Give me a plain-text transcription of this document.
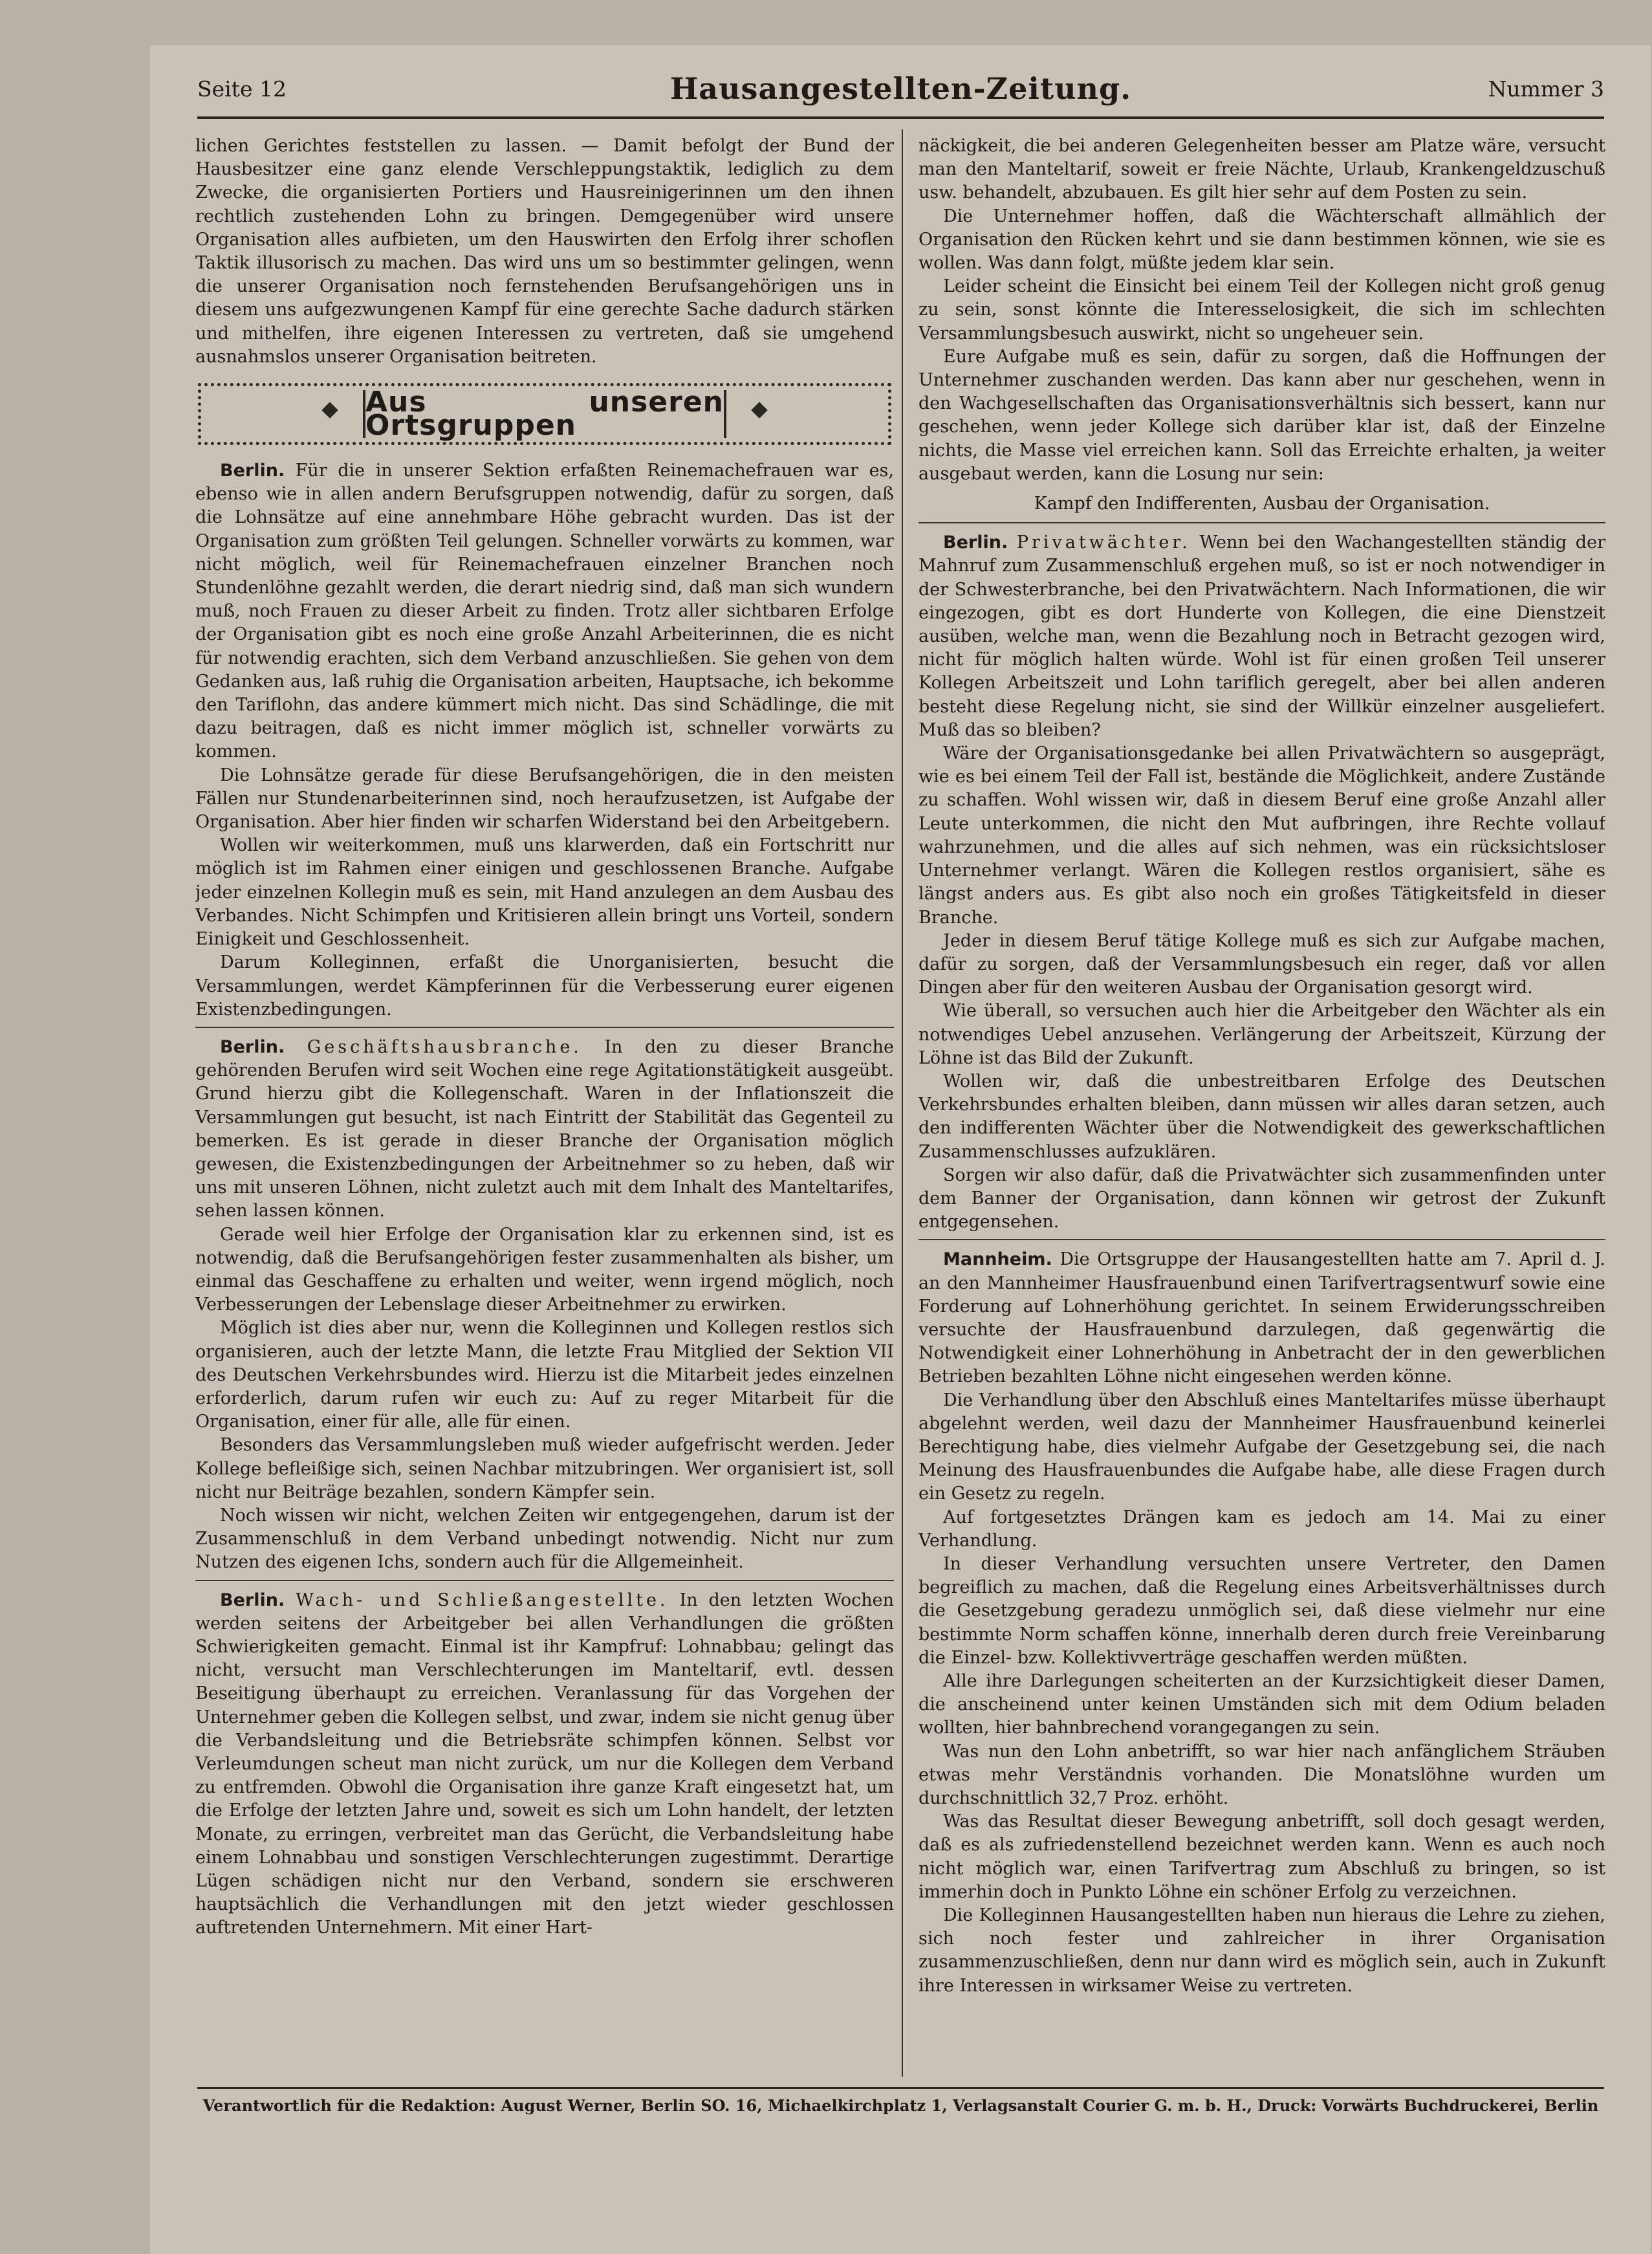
Seite 12	Hausangestellten-Zeitung.	Nummer 3

lichen Gerichtes feststellen zu lassen. — Damit befolgt der Bund der Hausbesitzer eine ganz elende Verschleppungstaktik, lediglich zu dem Zwecke, die organisierten Portiers und Hausreinigerinnen um den ihnen rechtlich zustehenden Lohn zu bringen. Demgegenüber wird unsere Organisation alles aufbieten, um den Hauswirten den Erfolg ihrer schoflen Taktik illusorisch zu machen. Das wird uns um so bestimmter gelingen, wenn die unserer Organisation noch fernstehenden Berufsangehörigen uns in diesem uns aufgezwungenen Kampf für eine gerechte Sache dadurch stärken und mithelfen, ihre eigenen Interessen zu vertreten, daß sie umgehend ausnahmslos unserer Organisation beitreten.

Aus unseren Ortsgruppen

Berlin. Für die in unserer Sektion erfaßten Reinemachefrauen war es, ebenso wie in allen andern Berufsgruppen notwendig, dafür zu sorgen, daß die Lohnsätze auf eine annehmbare Höhe gebracht wurden. Das ist der Organisation zum größten Teil gelungen. Schneller vorwärts zu kommen, war nicht möglich, weil für Reinemachefrauen einzelner Branchen noch Stundenlöhne gezahlt werden, die derart niedrig sind, daß man sich wundern muß, noch Frauen zu dieser Arbeit zu finden. Trotz aller sichtbaren Erfolge der Organisation gibt es noch eine große Anzahl Arbeiterinnen, die es nicht für notwendig erachten, sich dem Verband anzuschließen. Sie gehen von dem Gedanken aus, laß ruhig die Organisation arbeiten, Hauptsache, ich bekomme den Tariflohn, das andere kümmert mich nicht. Das sind Schädlinge, die mit dazu beitragen, daß es nicht immer möglich ist, schneller vorwärts zu kommen.

Die Lohnsätze gerade für diese Berufsangehörigen, die in den meisten Fällen nur Stundenarbeiterinnen sind, noch heraufzusetzen, ist Aufgabe der Organisation. Aber hier finden wir scharfen Widerstand bei den Arbeitgebern.

Wollen wir weiterkommen, muß uns klarwerden, daß ein Fortschritt nur möglich ist im Rahmen einer einigen und geschlossenen Branche. Aufgabe jeder einzelnen Kollegin muß es sein, mit Hand anzulegen an dem Ausbau des Verbandes. Nicht Schimpfen und Kritisieren allein bringt uns Vorteil, sondern Einigkeit und Geschlossenheit.

Darum Kolleginnen, erfaßt die Unorganisierten, besucht die Versammlungen, werdet Kämpferinnen für die Verbesserung eurer eigenen Existenzbedingungen.

Berlin. Geschäftshausbranche. In den zu dieser Branche gehörenden Berufen wird seit Wochen eine rege Agitationstätigkeit ausgeübt. Grund hierzu gibt die Kollegenschaft. Waren in der Inflationszeit die Versammlungen gut besucht, ist nach Eintritt der Stabilität das Gegenteil zu bemerken. Es ist gerade in dieser Branche der Organisation möglich gewesen, die Existenzbedingungen der Arbeitnehmer so zu heben, daß wir uns mit unseren Löhnen, nicht zuletzt auch mit dem Inhalt des Manteltarifes, sehen lassen können.

Gerade weil hier Erfolge der Organisation klar zu erkennen sind, ist es notwendig, daß die Berufsangehörigen fester zusammenhalten als bisher, um einmal das Geschaffene zu erhalten und weiter, wenn irgend möglich, noch Verbesserungen der Lebenslage dieser Arbeitnehmer zu erwirken.

Möglich ist dies aber nur, wenn die Kolleginnen und Kollegen restlos sich organisieren, auch der letzte Mann, die letzte Frau Mitglied der Sektion VII des Deutschen Verkehrsbundes wird. Hierzu ist die Mitarbeit jedes einzelnen erforderlich, darum rufen wir euch zu: Auf zu reger Mitarbeit für die Organisation, einer für alle, alle für einen.

Besonders das Versammlungsleben muß wieder aufgefrischt werden. Jeder Kollege befleißige sich, seinen Nachbar mitzubringen. Wer organisiert ist, soll nicht nur Beiträge bezahlen, sondern Kämpfer sein.

Noch wissen wir nicht, welchen Zeiten wir entgegengehen, darum ist der Zusammenschluß in dem Verband unbedingt notwendig. Nicht nur zum Nutzen des eigenen Ichs, sondern auch für die Allgemeinheit.

Berlin. Wach- und Schließangestellte. In den letzten Wochen werden seitens der Arbeitgeber bei allen Verhandlungen die größten Schwierigkeiten gemacht. Einmal ist ihr Kampfruf: Lohnabbau; gelingt das nicht, versucht man Verschlechterungen im Manteltarif, evtl. dessen Beseitigung überhaupt zu erreichen. Veranlassung für das Vorgehen der Unternehmer geben die Kollegen selbst, und zwar, indem sie nicht genug über die Verbandsleitung und die Betriebsräte schimpfen können. Selbst vor Verleumdungen scheut man nicht zurück, um nur die Kollegen dem Verband zu entfremden. Obwohl die Organisation ihre ganze Kraft eingesetzt hat, um die Erfolge der letzten Jahre und, soweit es sich um Lohn handelt, der letzten Monate, zu erringen, verbreitet man das Gerücht, die Verbandsleitung habe einem Lohnabbau und sonstigen Verschlechterungen zugestimmt. Derartige Lügen schädigen nicht nur den Verband, sondern sie erschweren hauptsächlich die Verhandlungen mit den jetzt wieder geschlossen auftretenden Unternehmern. Mit einer Hart-

näckigkeit, die bei anderen Gelegenheiten besser am Platze wäre, versucht man den Manteltarif, soweit er freie Nächte, Urlaub, Krankengeldzuschuß usw. behandelt, abzubauen. Es gilt hier sehr auf dem Posten zu sein.

Die Unternehmer hoffen, daß die Wächterschaft allmählich der Organisation den Rücken kehrt und sie dann bestimmen können, wie sie es wollen. Was dann folgt, müßte jedem klar sein.

Leider scheint die Einsicht bei einem Teil der Kollegen nicht groß genug zu sein, sonst könnte die Interesselosigkeit, die sich im schlechten Versammlungsbesuch auswirkt, nicht so ungeheuer sein.

Eure Aufgabe muß es sein, dafür zu sorgen, daß die Hoffnungen der Unternehmer zuschanden werden. Das kann aber nur geschehen, wenn in den Wachgesellschaften das Organisationsverhältnis sich bessert, kann nur geschehen, wenn jeder Kollege sich darüber klar ist, daß der Einzelne nichts, die Masse viel erreichen kann. Soll das Erreichte erhalten, ja weiter ausgebaut werden, kann die Losung nur sein:

Kampf den Indifferenten, Ausbau der Organisation.

Berlin. Privatwächter. Wenn bei den Wachangestellten ständig der Mahnruf zum Zusammenschluß ergehen muß, so ist er noch notwendiger in der Schwesterbranche, bei den Privatwächtern. Nach Informationen, die wir eingezogen, gibt es dort Hunderte von Kollegen, die eine Dienstzeit ausüben, welche man, wenn die Bezahlung noch in Betracht gezogen wird, nicht für möglich halten würde. Wohl ist für einen großen Teil unserer Kollegen Arbeitszeit und Lohn tariflich geregelt, aber bei allen anderen besteht diese Regelung nicht, sie sind der Willkür einzelner ausgeliefert. Muß das so bleiben?

Wäre der Organisationsgedanke bei allen Privatwächtern so ausgeprägt, wie es bei einem Teil der Fall ist, bestände die Möglichkeit, andere Zustände zu schaffen. Wohl wissen wir, daß in diesem Beruf eine große Anzahl aller Leute unterkommen, die nicht den Mut aufbringen, ihre Rechte vollauf wahrzunehmen, und die alles auf sich nehmen, was ein rücksichtsloser Unternehmer verlangt. Wären die Kollegen restlos organisiert, sähe es längst anders aus. Es gibt also noch ein großes Tätigkeitsfeld in dieser Branche.

Jeder in diesem Beruf tätige Kollege muß es sich zur Aufgabe machen, dafür zu sorgen, daß der Versammlungsbesuch ein reger, daß vor allen Dingen aber für den weiteren Ausbau der Organisation gesorgt wird.

Wie überall, so versuchen auch hier die Arbeitgeber den Wächter als ein notwendiges Uebel anzusehen. Verlängerung der Arbeitszeit, Kürzung der Löhne ist das Bild der Zukunft.

Wollen wir, daß die unbestreitbaren Erfolge des Deutschen Verkehrsbundes erhalten bleiben, dann müssen wir alles daran setzen, auch den indifferenten Wächter über die Notwendigkeit des gewerkschaftlichen Zusammenschlusses aufzuklären.

Sorgen wir also dafür, daß die Privatwächter sich zusammenfinden unter dem Banner der Organisation, dann können wir getrost der Zukunft entgegensehen.

Mannheim. Die Ortsgruppe der Hausangestellten hatte am 7. April d. J. an den Mannheimer Hausfrauenbund einen Tarifvertragsentwurf sowie eine Forderung auf Lohnerhöhung gerichtet. In seinem Erwiderungsschreiben versuchte der Hausfrauenbund darzulegen, daß gegenwärtig die Notwendigkeit einer Lohnerhöhung in Anbetracht der in den gewerblichen Betrieben bezahlten Löhne nicht eingesehen werden könne.

Die Verhandlung über den Abschluß eines Manteltarifes müsse überhaupt abgelehnt werden, weil dazu der Mannheimer Hausfrauenbund keinerlei Berechtigung habe, dies vielmehr Aufgabe der Gesetzgebung sei, die nach Meinung des Hausfrauenbundes die Aufgabe habe, alle diese Fragen durch ein Gesetz zu regeln.

Auf fortgesetztes Drängen kam es jedoch am 14. Mai zu einer Verhandlung.

In dieser Verhandlung versuchten unsere Vertreter, den Damen begreiflich zu machen, daß die Regelung eines Arbeitsverhältnisses durch die Gesetzgebung geradezu unmöglich sei, daß diese vielmehr nur eine bestimmte Norm schaffen könne, innerhalb deren durch freie Vereinbarung die Einzel- bzw. Kollektivverträge geschaffen werden müßten.

Alle ihre Darlegungen scheiterten an der Kurzsichtigkeit dieser Damen, die anscheinend unter keinen Umständen sich mit dem Odium beladen wollten, hier bahnbrechend vorangegangen zu sein.

Was nun den Lohn anbetrifft, so war hier nach anfänglichem Sträuben etwas mehr Verständnis vorhanden. Die Monatslöhne wurden um durchschnittlich 32,7 Proz. erhöht.

Was das Resultat dieser Bewegung anbetrifft, soll doch gesagt werden, daß es als zufriedenstellend bezeichnet werden kann. Wenn es auch noch nicht möglich war, einen Tarifvertrag zum Abschluß zu bringen, so ist immerhin doch in Punkto Löhne ein schöner Erfolg zu verzeichnen.

Die Kolleginnen Hausangestellten haben nun hieraus die Lehre zu ziehen, sich noch fester und zahlreicher in ihrer Organisation zusammenzuschließen, denn nur dann wird es möglich sein, auch in Zukunft ihre Interessen in wirksamer Weise zu vertreten.

Verantwortlich für die Redaktion: August Werner, Berlin SO. 16, Michaelkirchplatz 1, Verlagsanstalt Courier G. m. b. H., Druck: Vorwärts Buchdruckerei, Berlin
